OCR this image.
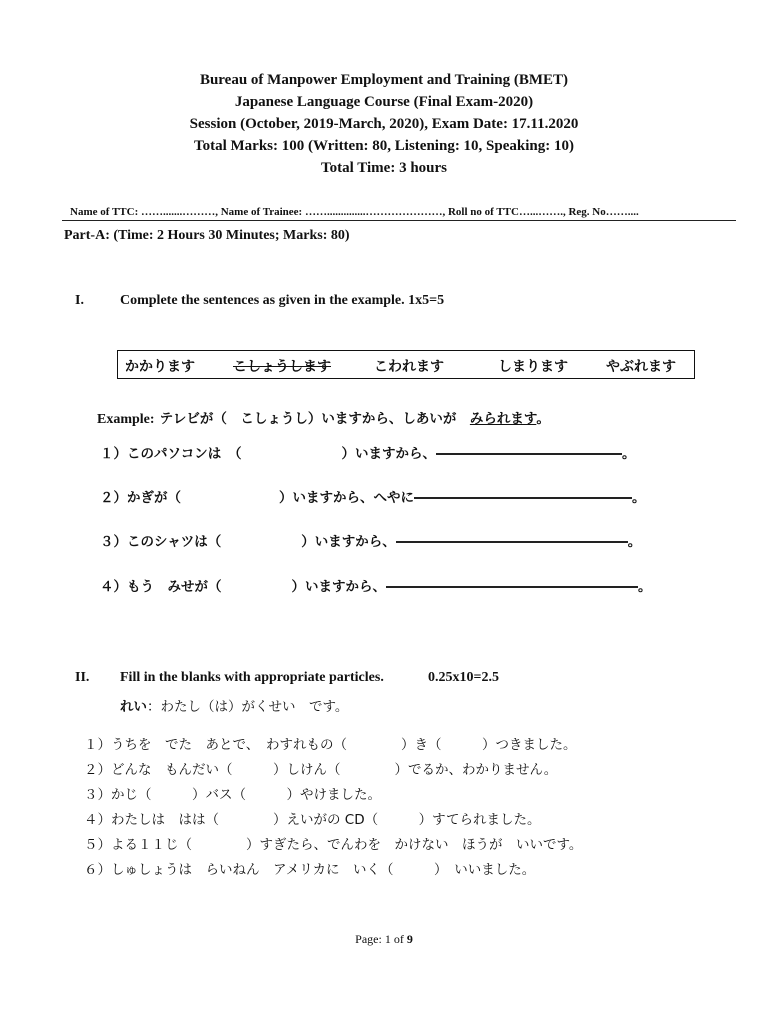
Bureau of Manpower Employment and Training (BMET)
Japanese Language Course (Final Exam-2020)
Session (October, 2019-March, 2020), Exam Date: 17.11.2020
Total Marks: 100 (Written: 80, Listening: 10, Speaking: 10)
Total Time: 3 hours
Name of TTC: …….......………, Name of Trainee: ……..............…………………, Roll no of TTC…...……., Reg. No……....
Part-A: (Time: 2 Hours 30 Minutes; Marks: 80)
I.	Complete the sentences as given in the example. 1x5=5
かかります	こしょうします	こわれます	しまります	やぶれます
Example: テレビが（　こしょうし）いますから、しあいが　みられます。
１）このパソコンは　（	）いますから、	。
２）かぎが（	）いますから、へやに	。
３）このシャツは（	）いますから、	。
４）もう　みせが（	）いますから、	。
II. Fill in the blanks with appropriate particles.	0.25x10=2.5
れい：わたし（は）がくせい　です。
１）うちを　でた　あとで、　わすれもの（　　　　）き（　　　）つきました。
２）どんな　もんだい（　　　）しけん（　　　　）でるか、わかりません。
３）かじ（　　　）バス（　　　）やけました。
４）わたしは　はは（　　　　）えいがの CD（　　　）すてられました。
５）よる１１じ（　　　　）すぎたら、でんわを　かけない　ほうが　いいです。
６）しゅしょうは　らいねん　アメリカに　いく（　　　）　いいました。
Page: 1 of 9
